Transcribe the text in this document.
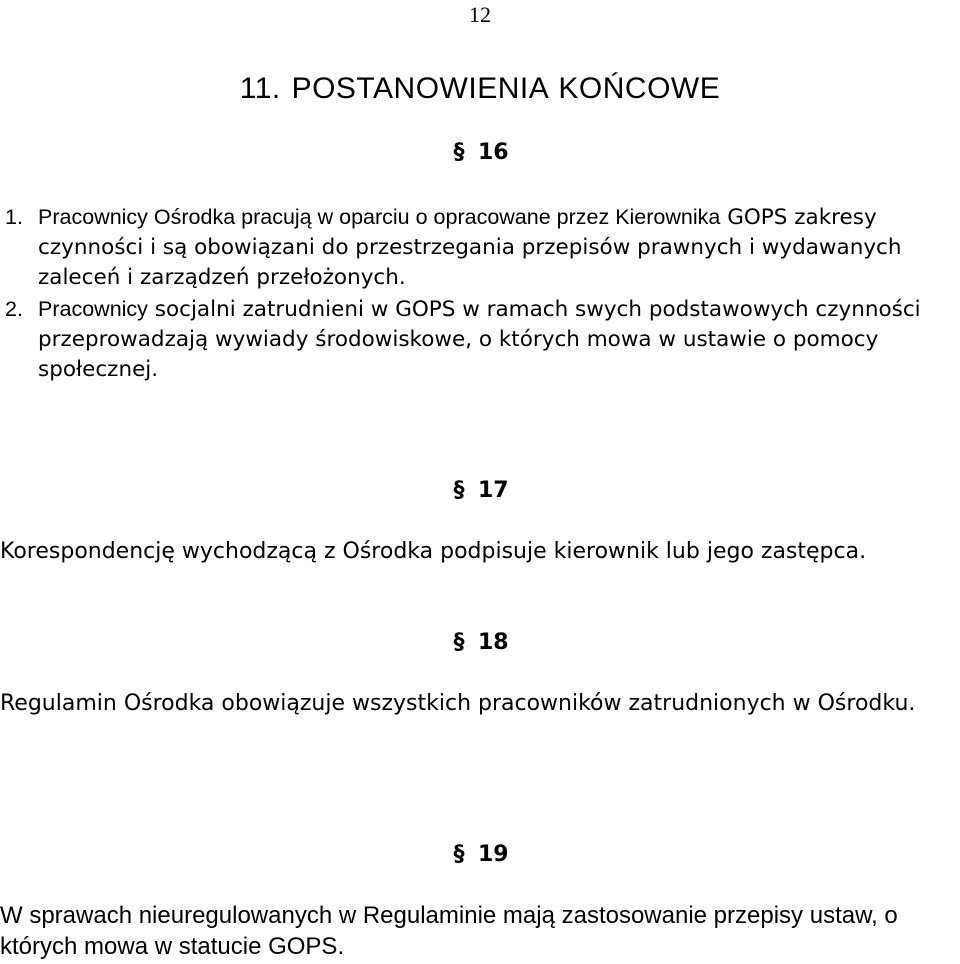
12
11. POSTANOWIENIA KOŃCOWE
§ 16
1. Pracownicy Ośrodka pracują w oparciu o opracowane przez Kierownika GOPS zakresy czynności i są obowiązani do przestrzegania przepisów prawnych i wydawanych zaleceń i zarządzeń przełożonych.
2. Pracownicy socjalni zatrudnieni w GOPS w ramach swych podstawowych czynności przeprowadzają wywiady środowiskowe, o których mowa w ustawie o pomocy społecznej.
§ 17
Korespondencję wychodzącą z Ośrodka podpisuje kierownik lub jego zastępca.
§ 18
Regulamin Ośrodka obowiązuje wszystkich pracowników zatrudnionych w Ośrodku.
§ 19
W sprawach nieuregulowanych w Regulaminie mają zastosowanie przepisy ustaw, o których mowa w statucie GOPS.
